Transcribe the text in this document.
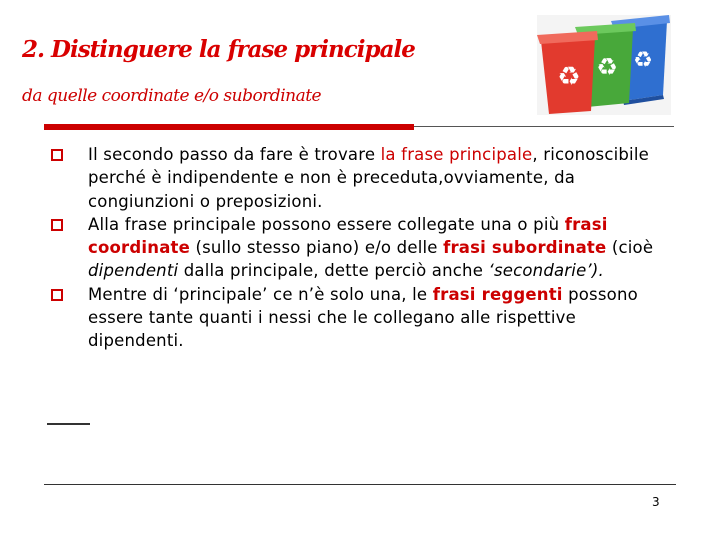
2. Distinguere la frase principale
da quelle coordinate e/o subordinate
♻
♻
♻
Il secondo passo da fare è trovare la frase principale, riconoscibile perché è indipendente e non è preceduta,ovviamente, da congiunzioni o preposizioni.
Alla frase principale possono essere collegate una o più frasi coordinate (sullo stesso piano) e/o delle frasi subordinate (cioè dipendenti dalla principale, dette perciò anche ‘secondarie’).
Mentre di ‘principale’ ce n’è solo una, le frasi reggenti possono essere tante quanti i nessi che le collegano alle rispettive dipendenti.
3
